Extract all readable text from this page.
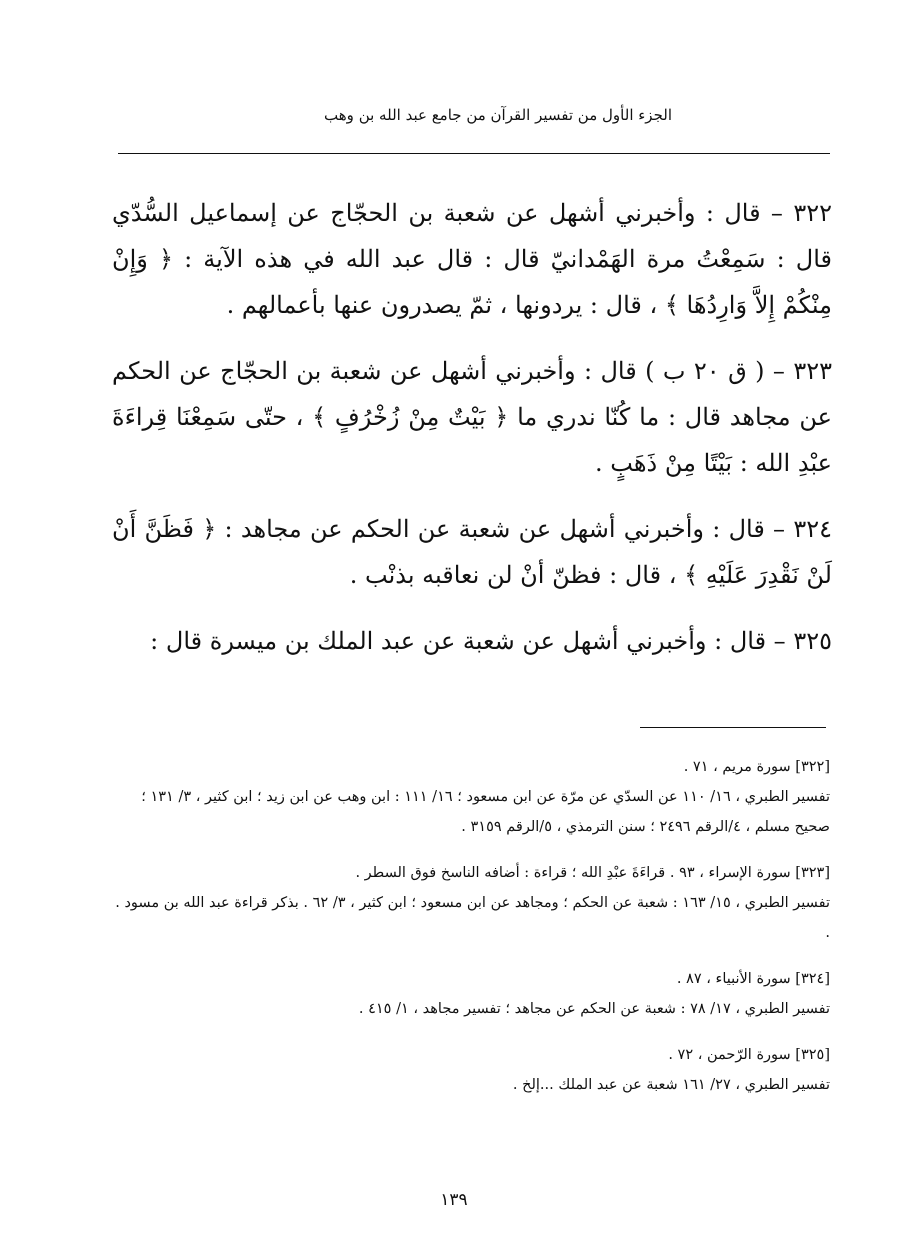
الجزء الأول من تفسير القرآن من جامع عبد الله بن وهب

٣٢٢ – قال : وأخبرني أشهل عن شعبة بن الحجّاج عن إسماعيل السُّدّي قال : سَمِعْتُ مرة الهَمْدانيّ قال : قال عبد الله في هذه الآية : ﴿ وَإِنْ مِنْكُمْ إِلاَّ وَارِدُهَا ﴾ ، قال : يردونها ، ثمّ يصدرون عنها بأعمالهم .

٣٢٣ – ( ق ٢٠ ب ) قال : وأخبرني أشهل عن شعبة بن الحجّاج عن الحكم عن مجاهد قال : ما كُنّا ندري ما ﴿ بَيْتٌ مِنْ زُخْرُفٍ ﴾ ، حتّى سَمِعْنَا قِراءَةَ عبْدِ الله : بَيْتًا مِنْ ذَهَبٍ .

٣٢٤ – قال : وأخبرني أشهل عن شعبة عن الحكم عن مجاهد : ﴿ فَظَنَّ أَنْ لَنْ نَقْدِرَ عَلَيْهِ ﴾ ، قال : فظنّ أنْ لن نعاقبه بذنْب .

٣٢٥ – قال : وأخبرني أشهل عن شعبة عن عبد الملك بن ميسرة قال :

[٣٢٢] سورة مريم ، ٧١ .

تفسير الطبري ، ١٦/ ١١٠ عن السدّي عن مرّة عن ابن مسعود ؛ ١٦/ ١١١ : ابن وهب عن ابن زيد ؛ ابن كثير ، ٣/ ١٣١ ؛ صحيح مسلم ، ٤/الرقم ٢٤٩٦ ؛ سنن الترمذي ، ٥/الرقم ٣١٥٩ .

[٣٢٣] سورة الإسراء ، ٩٣ . قراءَةَ عبْدِ الله ؛ قراءة : أضافه الناسخ فوق السطر .

تفسير الطبري ، ١٥/ ١٦٣ : شعبة عن الحكم ؛ ومجاهد عن ابن مسعود ؛ ابن كثير ، ٣/ ٦٢ . بذكر قراءة عبد الله بن مسود . .

[٣٢٤] سورة الأنبياء ، ٨٧ .

تفسير الطبري ، ١٧/ ٧٨ : شعبة عن الحكم عن مجاهد ؛ تفسير مجاهد ، ١/ ٤١٥ .

[٣٢٥] سورة الرّحمن ، ٧٢ .

تفسير الطبري ، ٢٧/ ١٦١ شعبة عن عبد الملك ...إلخ .

١٣٩
